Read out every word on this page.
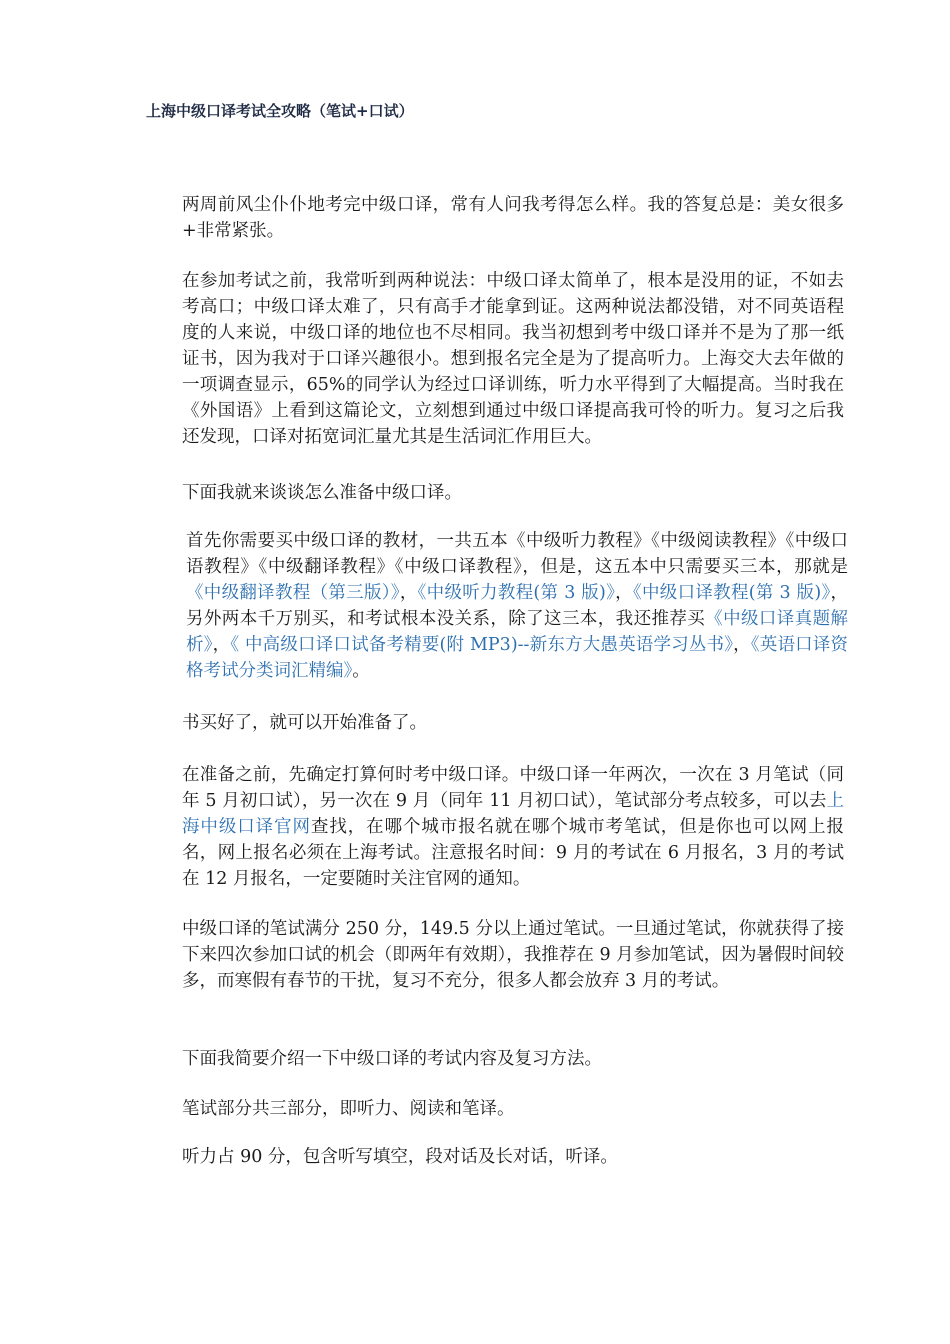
上海中级口译考试全攻略（笔试+口试）

两周前风尘仆仆地考完中级口译，常有人问我考得怎么样。我的答复总是：美女很多+非常紧张。

在参加考试之前，我常听到两种说法：中级口译太简单了，根本是没用的证，不如去考高口；中级口译太难了，只有高手才能拿到证。这两种说法都没错，对不同英语程度的人来说，中级口译的地位也不尽相同。我当初想到考中级口译并不是为了那一纸证书，因为我对于口译兴趣很小。想到报名完全是为了提高听力。上海交大去年做的一项调查显示，65%的同学认为经过口译训练，听力水平得到了大幅提高。当时我在《外国语》上看到这篇论文，立刻想到通过中级口译提高我可怜的听力。复习之后我还发现，口译对拓宽词汇量尤其是生活词汇作用巨大。

下面我就来谈谈怎么准备中级口译。

首先你需要买中级口译的教材，一共五本《中级听力教程》《中级阅读教程》《中级口语教程》《中级翻译教程》《中级口译教程》，但是，这五本中只需要买三本，那就是《中级翻译教程（第三版）》，《中级听力教程(第 3 版)》，《中级口译教程(第 3 版)》，另外两本千万别买，和考试根本没关系，除了这三本，我还推荐买《中级口译真题解析》，《 中高级口译口试备考精要(附 MP3)--新东方大愚英语学习丛书》，《英语口译资格考试分类词汇精编》。

书买好了，就可以开始准备了。

在准备之前，先确定打算何时考中级口译。中级口译一年两次，一次在 3 月笔试（同年 5 月初口试），另一次在 9 月（同年 11 月初口试），笔试部分考点较多，可以去上海中级口译官网查找，在哪个城市报名就在哪个城市考笔试，但是你也可以网上报名，网上报名必须在上海考试。注意报名时间：9 月的考试在 6 月报名，3 月的考试在 12 月报名，一定要随时关注官网的通知。

中级口译的笔试满分 250 分，149.5 分以上通过笔试。一旦通过笔试，你就获得了接下来四次参加口试的机会（即两年有效期），我推荐在 9 月参加笔试，因为暑假时间较多，而寒假有春节的干扰，复习不充分，很多人都会放弃 3 月的考试。

下面我简要介绍一下中级口译的考试内容及复习方法。

笔试部分共三部分，即听力、阅读和笔译。

听力占 90 分，包含听写填空，段对话及长对话，听译。
